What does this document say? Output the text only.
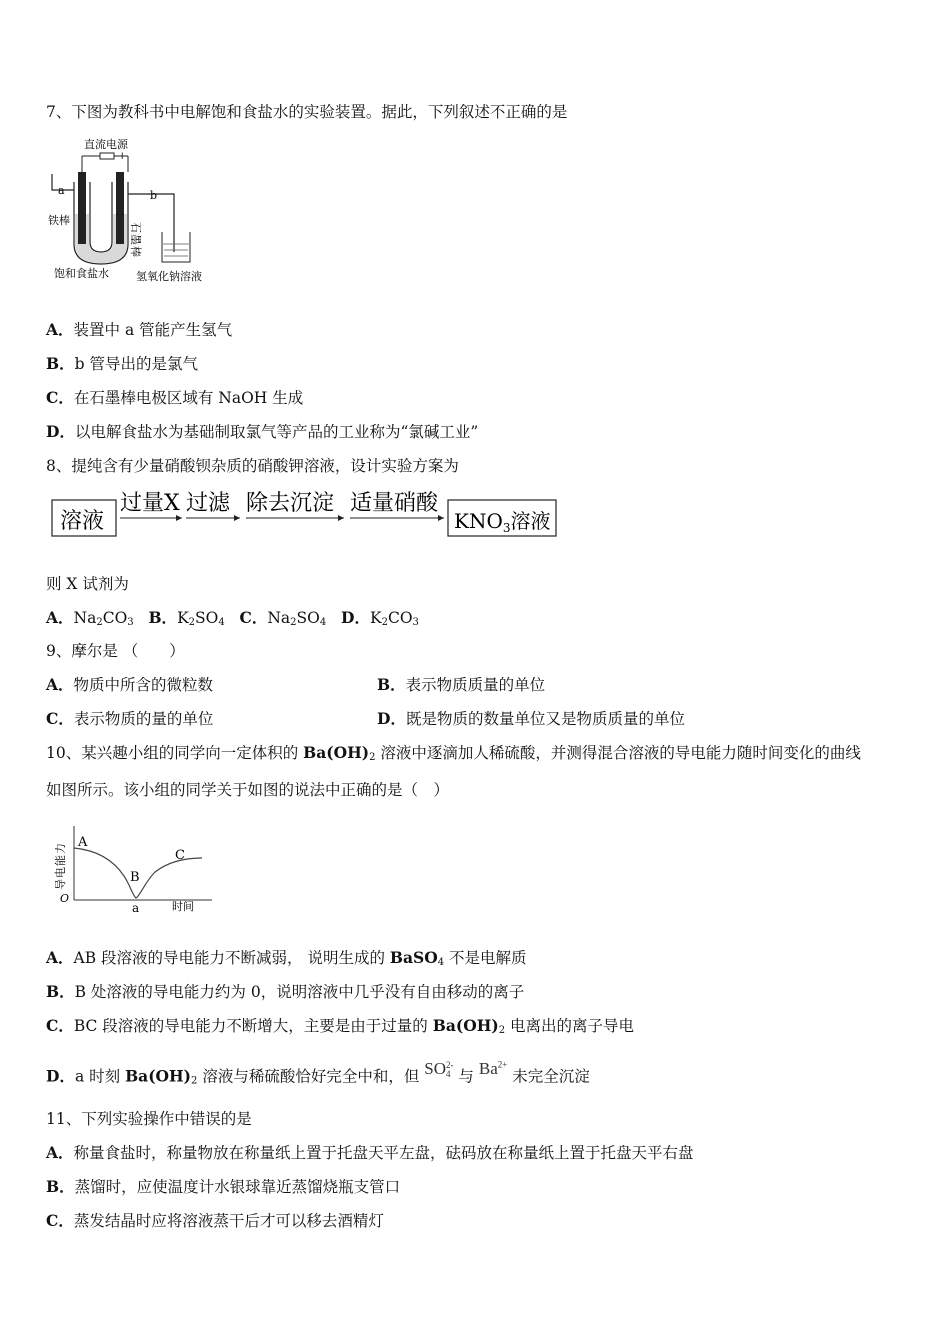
7、下图为教科书中电解饱和食盐水的实验装置。据此，下列叙述不正确的是
直流电源
− +
a	b
铁棒
石墨棒
饱和食盐水 氢氧化钠溶液
A．装置中 a 管能产生氢气
B．b 管导出的是氯气
C．在石墨棒电极区域有 NaOH 生成
D．以电解食盐水为基础制取氯气等产品的工业称为“氯碱工业”
8、提纯含有少量硝酸钡杂质的硝酸钾溶液，设计实验方案为
溶液
过量X 过滤 除去沉淀 适量硝酸
$KNO_3$溶液
则 X 试剂为
A．$Na_2CO_3$ B．$K_2SO_4$ C．$Na_2SO_4$ D．$K_2CO_3$
9、摩尔是 （　　）
A．物质中所含的微粒数	B．表示物质质量的单位
C．表示物质的量的单位	D．既是物质的数量单位又是物质质量的单位
10、某兴趣小组的同学向一定体积的 $Ba(OH)_2$ 溶液中逐滴加人稀硫酸，并测得混合溶液的导电能力随时间变化的曲线
如图所示。该小组的同学关于如图的说法中正确的是（　）
导电能力
O
A
B
C
a	时间
A．AB 段溶液的导电能力不断减弱， 说明生成的 BaSO$_4$ 不是电解质
B．B 处溶液的导电能力约为 0，说明溶液中几乎没有自由移动的离子
C．BC 段溶液的导电能力不断增大，主要是由于过量的 $Ba(OH)_2$ 电离出的离子导电
D．a 时刻 $Ba(OH)_2$ 溶液与稀硫酸恰好完全中和，但 SO 2-
4 与 $Ba^{2+}$ 未完全沉淀
11、下列实验操作中错误的是
A．称量食盐时，称量物放在称量纸上置于托盘天平左盘，砝码放在称量纸上置于托盘天平右盘
B．蒸馏时，应使温度计水银球靠近蒸馏烧瓶支管口
C．蒸发结晶时应将溶液蒸干后才可以移去酒精灯
